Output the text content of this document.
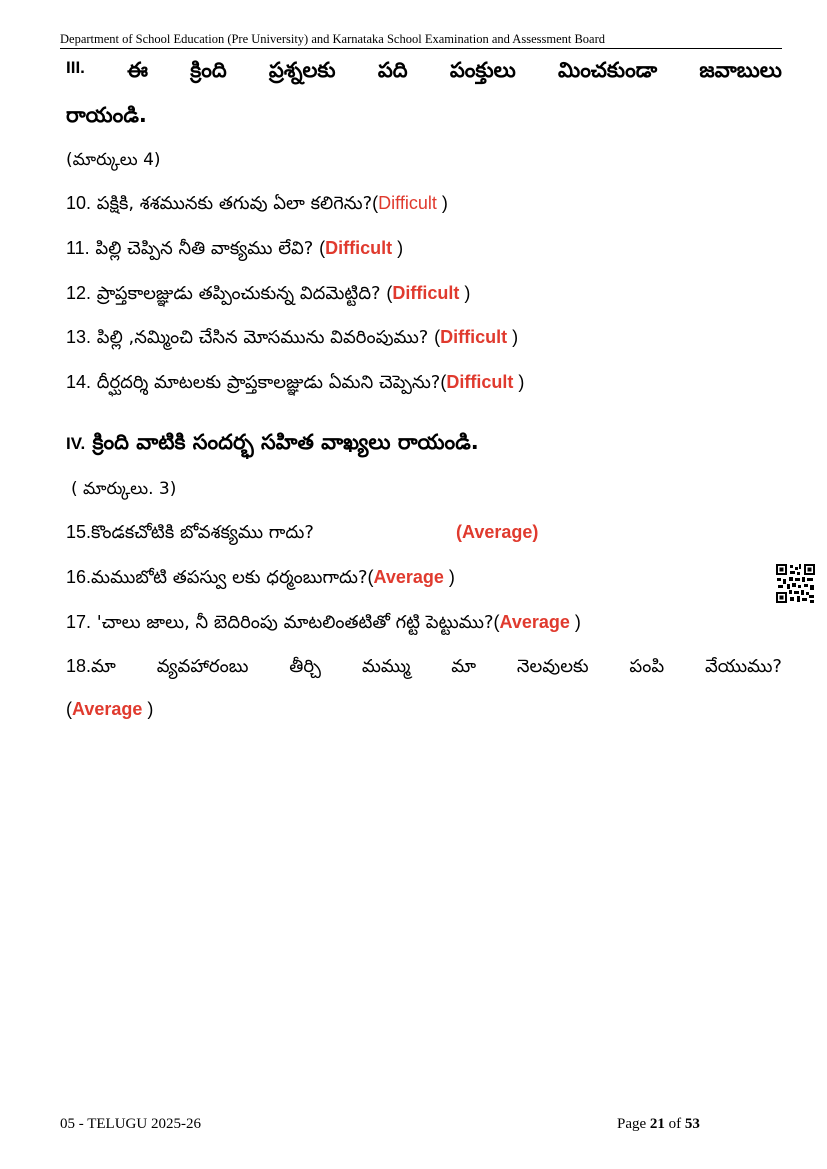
Department of School Education (Pre University) and Karnataka School Examination and Assessment Board
III. ఈ క్రింది ప్రశ్నలకు పది పంక్తులు మించకుండా జవాబులు
రాయండి.
(మార్కులు 4)
10. పక్షికి, శశమునకు తగువు ఏలా కలిగెను?(Difficult )
11. పిల్లి చెప్పిన నీతి వాక్యము లేవి? (Difficult )
12. ప్రాప్తకాలజ్ఞుడు తప్పించుకున్న విదమెట్టిది? (Difficult )
13. పిల్లి ,నమ్మించి చేసిన మోసమును వివరింపుము? (Difficult )
14. దీర్ఘదర్శి మాటలకు ప్రాప్తకాలజ్ఞుడు ఏమని చెప్పెను?(Difficult )
IV. క్రింది వాటికి సందర్భ సహిత వాఖ్యలు రాయండి.
( మార్కులు. 3)
15.కొండకచోటికి బోవశక్యము గాదు?	(Average)
16.మముబోటి తపస్వు లకు ధర్మంబుగాదు?(Average )
17. 'చాలు జాలు, నీ బెదిరింపు మాటలింతటితో గట్టి పెట్టుము?(Average )
18.మా వ్యవహారంబు తీర్చి మమ్ము మా నెలవులకు పంపి వేయుము?
(Average )
05 - TELUGU 2025-26	Page 21 of 53
